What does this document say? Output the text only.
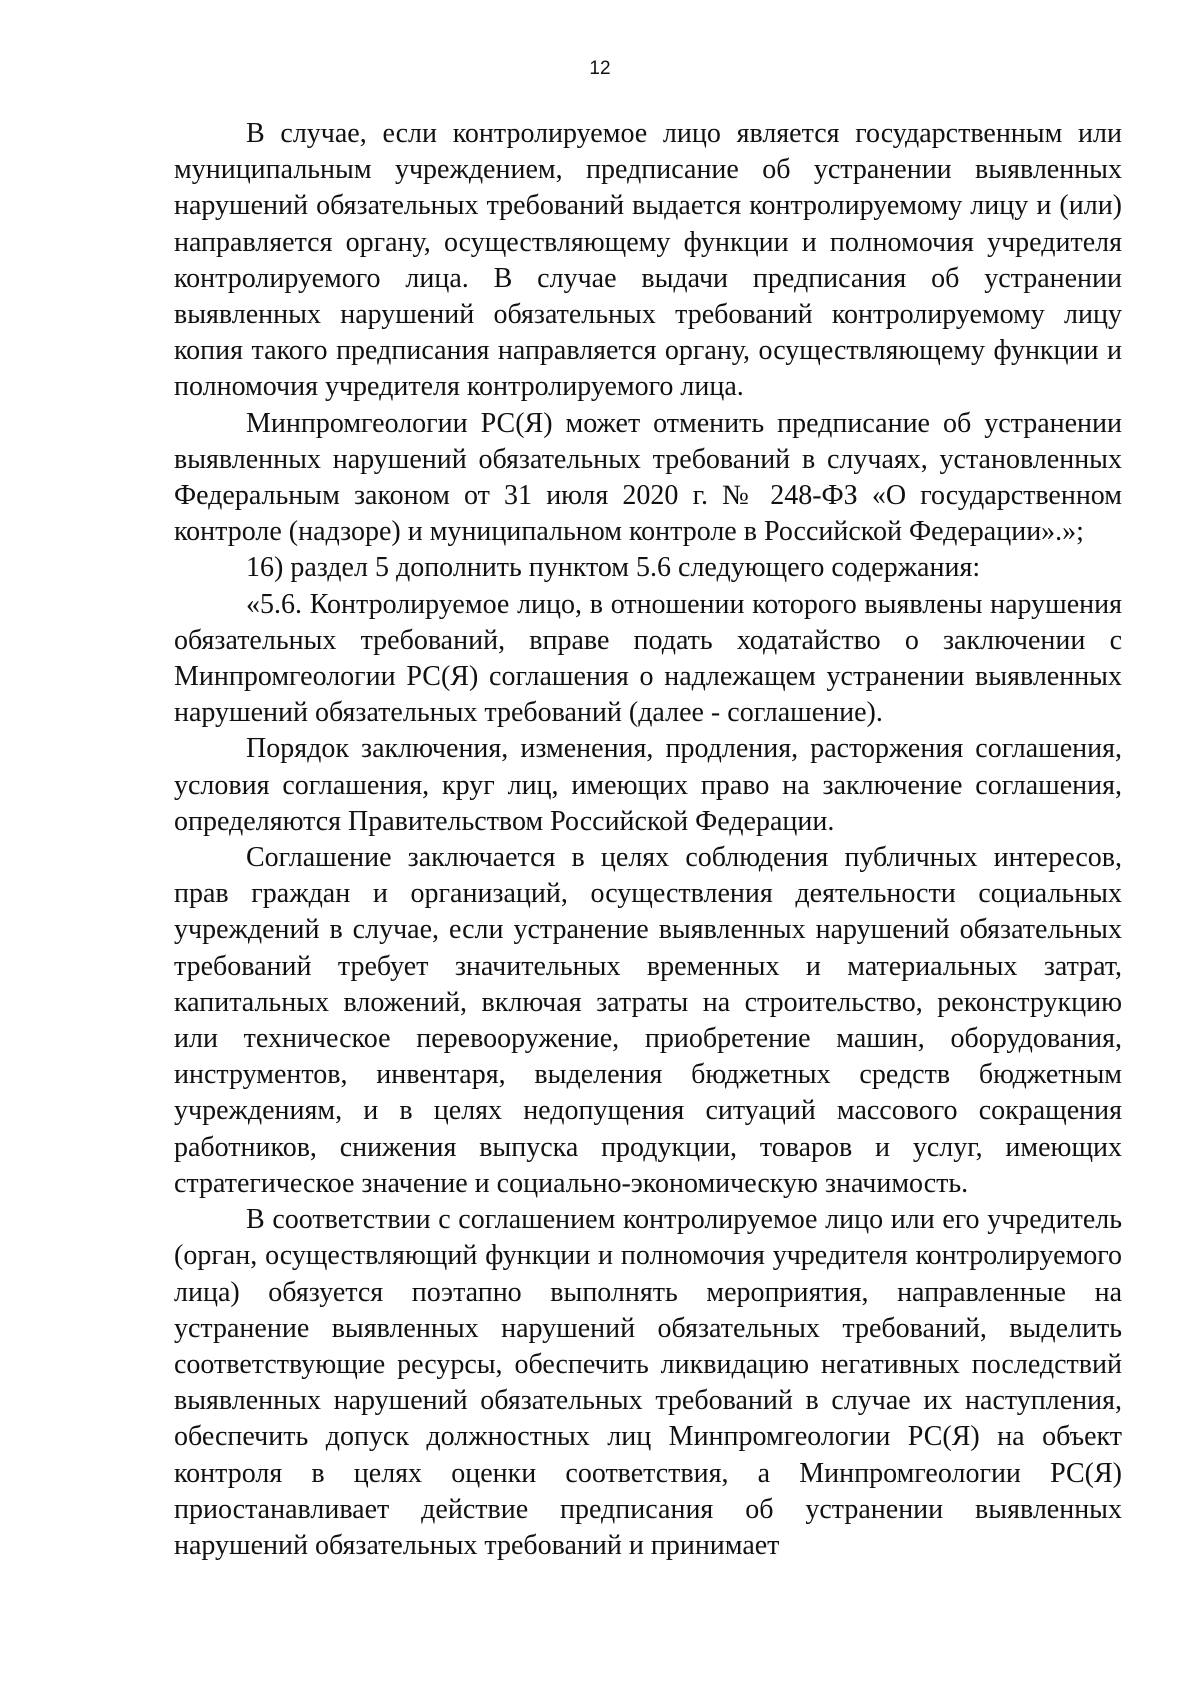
12

В случае, если контролируемое лицо является государственным или муниципальным учреждением, предписание об устранении выявленных нарушений обязательных требований выдается контролируемому лицу и (или) направляется органу, осуществляющему функции и полномочия учредителя контролируемого лица. В случае выдачи предписания об устранении выявленных нарушений обязательных требований контролируемому лицу копия такого предписания направляется органу, осуществляющему функции и полномочия учредителя контролируемого лица.

Минпромгеологии РС(Я) может отменить предписание об устранении выявленных нарушений обязательных требований в случаях, установленных Федеральным законом от 31 июля 2020 г. № 248-ФЗ «О государственном контроле (надзоре) и муниципальном контроле в Российской Федерации».»;

16) раздел 5 дополнить пунктом 5.6 следующего содержания:

«5.6. Контролируемое лицо, в отношении которого выявлены нарушения обязательных требований, вправе подать ходатайство о заключении с Минпромгеологии РС(Я) соглашения о надлежащем устранении выявленных нарушений обязательных требований (далее - соглашение).

Порядок заключения, изменения, продления, расторжения соглашения, условия соглашения, круг лиц, имеющих право на заключение соглашения, определяются Правительством Российской Федерации.

Соглашение заключается в целях соблюдения публичных интересов, прав граждан и организаций, осуществления деятельности социальных учреждений в случае, если устранение выявленных нарушений обязательных требований требует значительных временных и материальных затрат, капитальных вложений, включая затраты на строительство, реконструкцию или техническое перевооружение, приобретение машин, оборудования, инструментов, инвентаря, выделения бюджетных средств бюджетным учреждениям, и в целях недопущения ситуаций массового сокращения работников, снижения выпуска продукции, товаров и услуг, имеющих стратегическое значение и социально-экономическую значимость.

В соответствии с соглашением контролируемое лицо или его учредитель (орган, осуществляющий функции и полномочия учредителя контролируемого лица) обязуется поэтапно выполнять мероприятия, направленные на устранение выявленных нарушений обязательных требований, выделить соответствующие ресурсы, обеспечить ликвидацию негативных последствий выявленных нарушений обязательных требований в случае их наступления, обеспечить допуск должностных лиц Минпромгеологии РС(Я) на объект контроля в целях оценки соответствия, а Минпромгеологии РС(Я) приостанавливает действие предписания об устранении выявленных нарушений обязательных требований и принимает
